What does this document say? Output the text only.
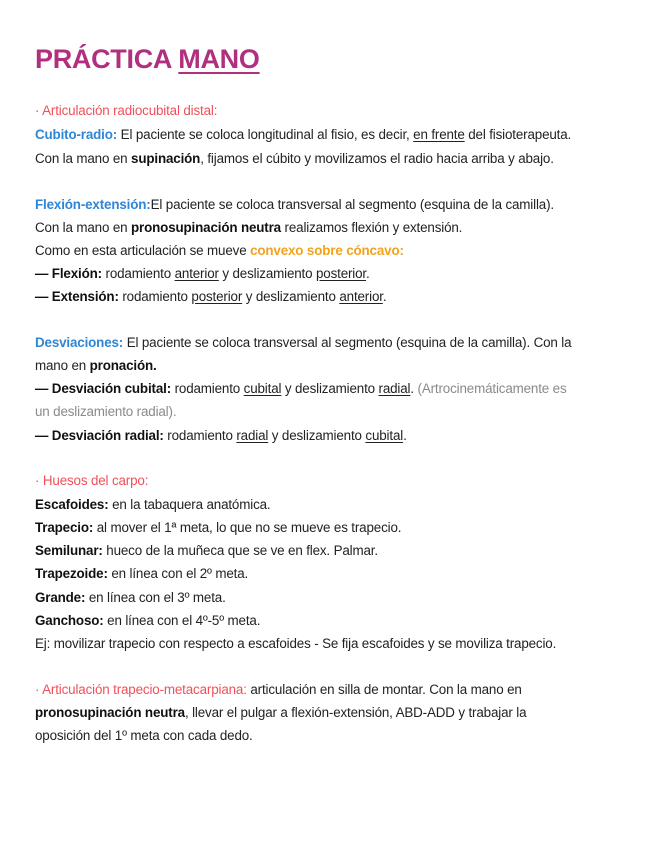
PRÁCTICA MANO

· Articulación radiocubital distal:

Cubito-radio: El paciente se coloca longitudinal al fisio, es decir, en frente del fisioterapeuta.

Con la mano en supinación, fijamos el cúbito y movilizamos el radio hacia arriba y abajo.

Flexión-extensión:El paciente se coloca transversal al segmento (esquina de la camilla).

Con la mano en pronosupinación neutra realizamos flexión y extensión.

Como en esta articulación se mueve convexo sobre cóncavo:

— Flexión: rodamiento anterior y deslizamiento posterior.

— Extensión: rodamiento posterior y deslizamiento anterior.

Desviaciones: El paciente se coloca transversal al segmento (esquina de la camilla). Con la

mano en pronación.

— Desviación cubital: rodamiento cubital y deslizamiento radial. (Artrocinemáticamente es

un deslizamiento radial).

— Desviación radial: rodamiento radial y deslizamiento cubital.

· Huesos del carpo:

Escafoides: en la tabaquera anatómica.

Trapecio: al mover el 1ª meta, lo que no se mueve es trapecio.

Semilunar: hueco de la muñeca que se ve en flex. Palmar.

Trapezoide: en línea con el 2º meta.

Grande: en línea con el 3º meta.

Ganchoso: en línea con el 4º-5º meta.

Ej: movilizar trapecio con respecto a escafoides - Se fija escafoides y se moviliza trapecio.

· Articulación trapecio-metacarpiana: articulación en silla de montar. Con la mano en

pronosupinación neutra, llevar el pulgar a flexión-extensión, ABD-ADD y trabajar la

oposición del 1º meta con cada dedo.
